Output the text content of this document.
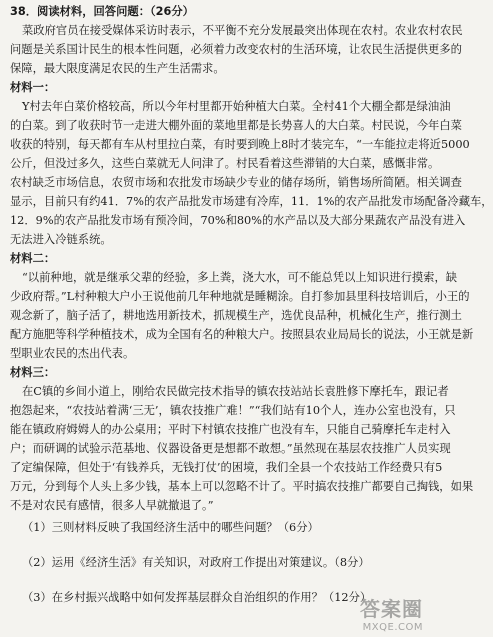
38．阅读材料，回答问题：（26分）
菜政府官员在接受媒体采访时表示，不平衡不充分发展最突出体现在农村。农业农村农民
问题是关系国计民生的根本性问题，必须着力改变农村的生活环境，让农民生活提供更多的
保障，最大限度满足农民的生产生活需求。
材料一：
Y村去年白菜价格较高，所以今年村里都开始种植大白菜。全村41个大棚全都是绿油油
的白菜。到了收获时节一走进大棚外面的菜地里都是长势喜人的大白菜。村民说，今年白菜
收获的特别，每天都有车从村里拉白菜，有时要到晚上8时才装完车，“一车能拉走将近5000
公斤，但没过多久，这些白菜就无人问津了。村民看着这些滞销的大白菜，感慨非常。
农村缺乏市场信息，农贸市场和农批发市场缺少专业的储存场所，销售场所简陋。相关调查
显示，目前只有约41．7%的农产品批发市场建有冷库，11．1%的农产品批发市场配备冷藏车，
12．9%的农产品批发市场有预冷间，70%和80%的水产品以及大部分果蔬农产品没有进入
无法进入冷链系统。
材料二：
“以前种地，就是继承父辈的经验，多上粪，浇大水，可不能总凭以上知识进行摸索，缺
少政府帮。”L村种粮大户小王说他前几年种地就是睡糊涂。自打参加县里科技培训后，小王的
观念新了，脑子活了，耕地选用新技术，抓规模生产，选优良品种，机械化生产，推行测土
配方施肥等科学种植技术，成为全国有名的种粮大户。按照县农业局局长的说法，小王就是新
型职业农民的杰出代表。
材料三：
在C镇的乡间小道上，刚给农民做完技术指导的镇农技站站长袁胜修下摩托车，跟记者
抱怨起来，“农技站着满‘三无’，镇农技推广难！”“我们站有10个人，连办公室也没有，只
能在镇政府姆姆人的办公桌用；平时下村镇农技推广也没有车，只能自己骑摩托车走村入
户；而研调的试验示范基地、仪器设备更是想都不敢想。”虽然现在基层农技推广人员实现
了定编保障，但处于‘有钱养兵，无钱打仗’的困境，我们全县一个农技站工作经费只有5
万元，分到每个人头上多少钱，基本上可以忽略不计了。平时搞农技推广都要自己掏钱，如果
不是对农民有感情，很多人早就撤退了。”
（1）三则材料反映了我国经济生活中的哪些问题？（6分）
（2）运用《经济生活》有关知识，对政府工作提出对策建议。（8分）
（3）在乡村振兴战略中如何发挥基层群众自治组织的作用？（12分）
答案圈
MXQE.COM
